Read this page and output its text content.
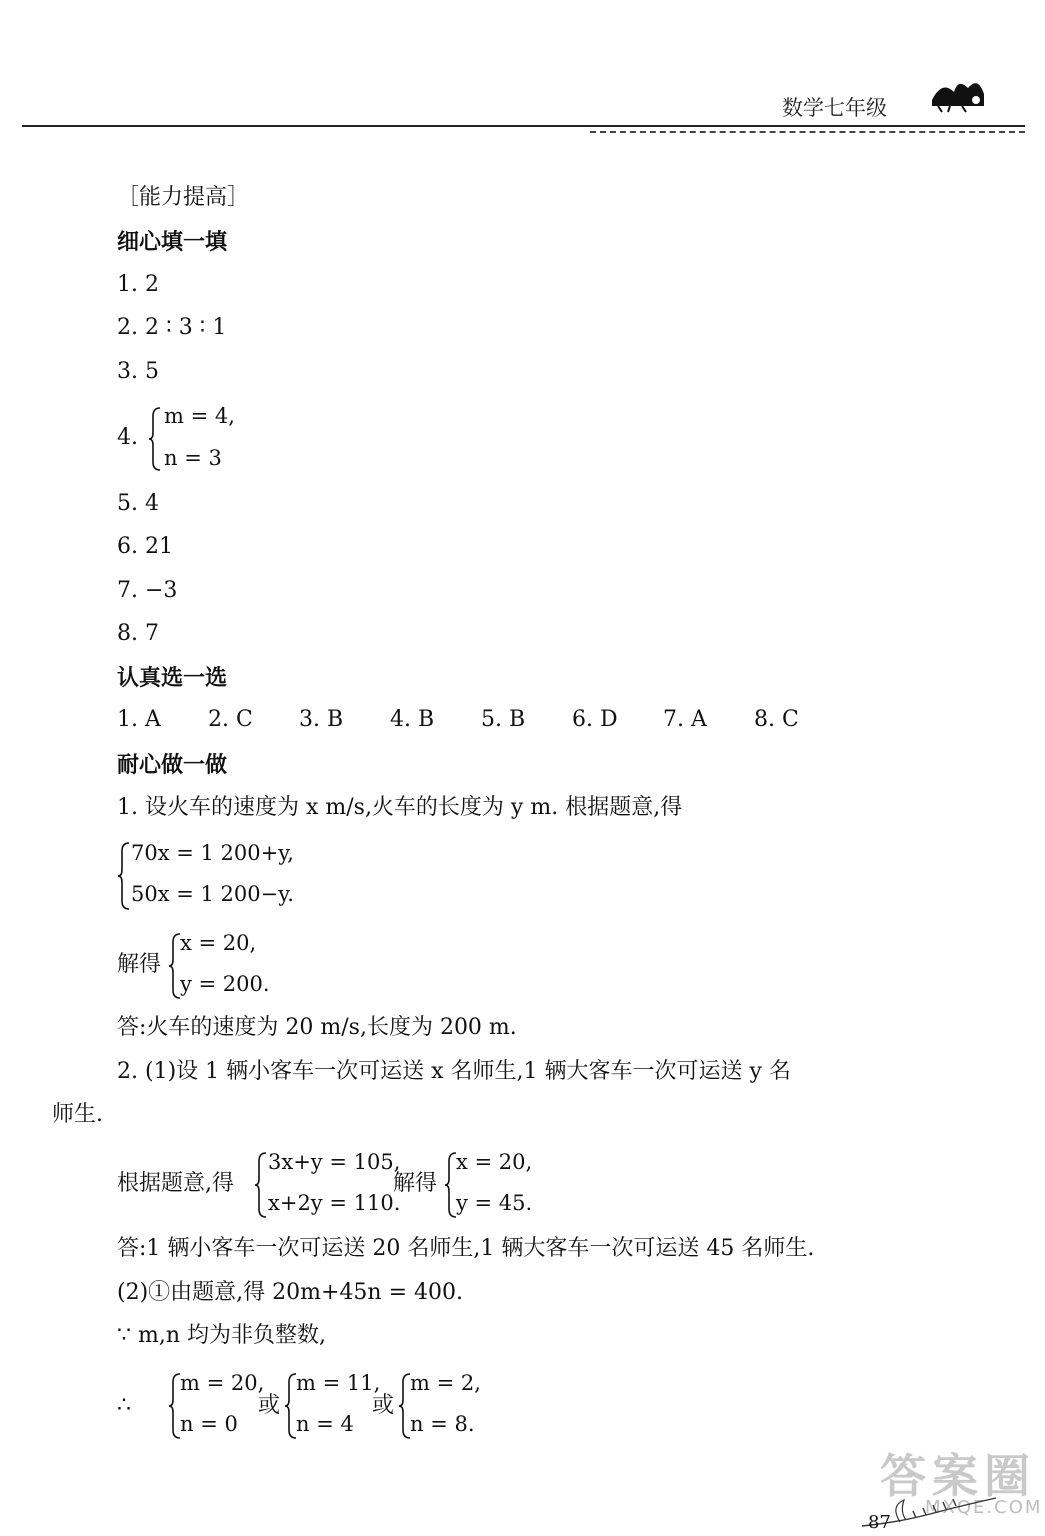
数学七年级
［能力提高］
细心填一填
1. 2
2. 2 ∶ 3 ∶ 1
3. 5
4.
m = 4,
n = 3
5. 4
6. 21
7. −3
8. 7
认真选一选
1. A 2. C 3. B 4. B 5. B 6. D 7. A 8. C
耐心做一做
1. 设火车的速度为 x m/s,火车的长度为 y m. 根据题意,得
70x = 1 200+y,
50x = 1 200−y.
解得
x = 20,
y = 200.
答:火车的速度为 20 m/s,长度为 200 m.
2. (1)设 1 辆小客车一次可运送 x 名师生,1 辆大客车一次可运送 y 名
师生.
根据题意,得
3x+y = 105,
x+2y = 110.
解得
x = 20,
y = 45.
答:1 辆小客车一次可运送 20 名师生,1 辆大客车一次可运送 45 名师生.
(2)①由题意,得 20m+45n = 400.
∵ m,n 均为非负整数,
∴
m = 20,
n = 0
或
m = 11,
n = 4
或
m = 2,
n = 8.
答案圈
MXQE.COM
87
